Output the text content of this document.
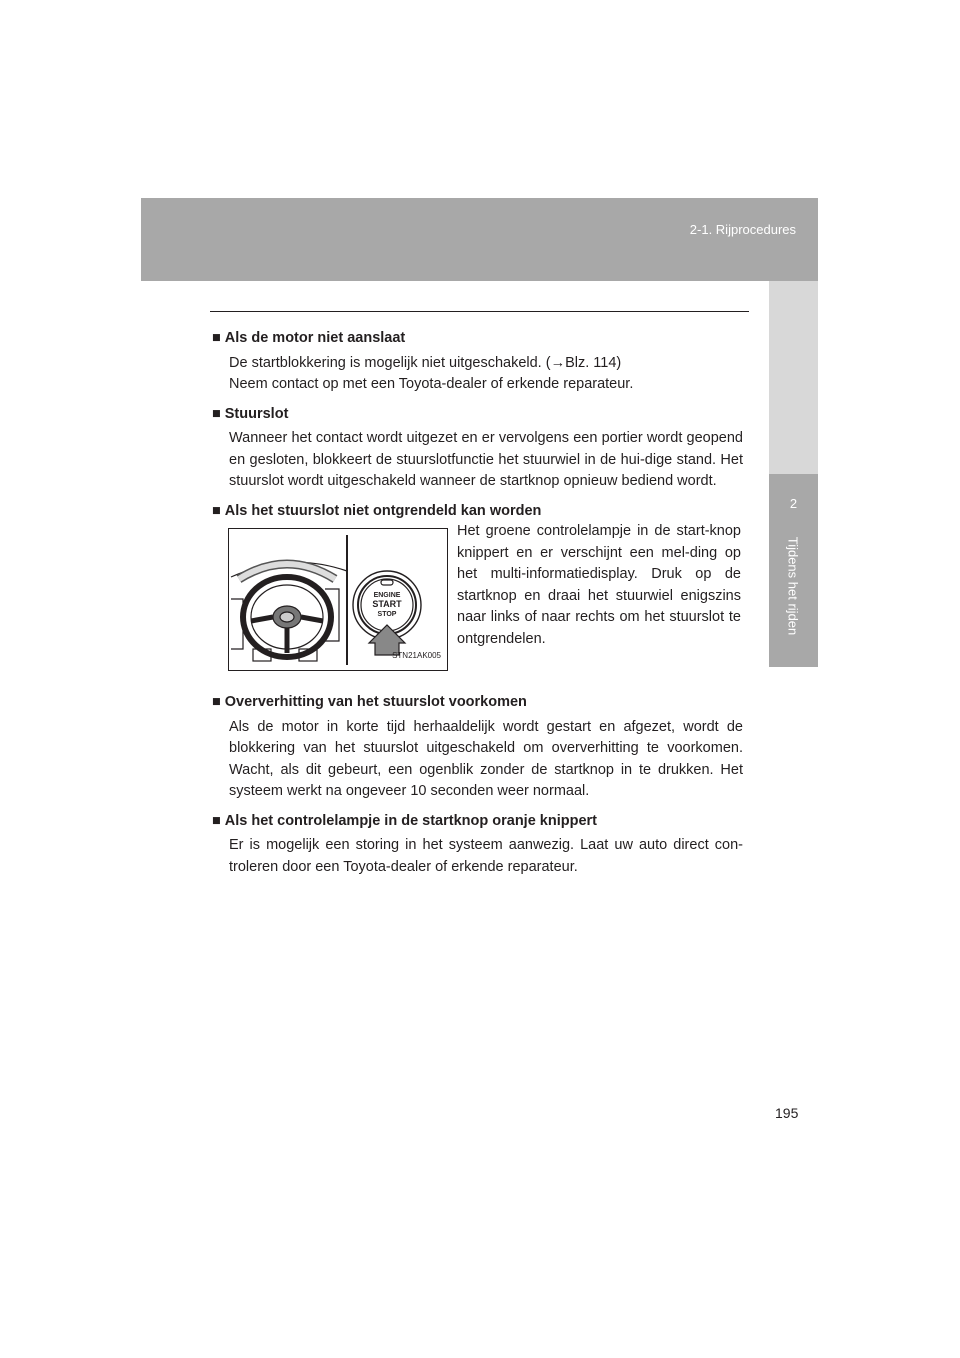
2-1. Rijprocedures
2
Tijdens het rijden
■ Als de motor niet aanslaat
De startblokkering is mogelijk niet uitgeschakeld. (→Blz. 114)
Neem contact op met een Toyota-dealer of erkende reparateur.
■ Stuurslot
Wanneer het contact wordt uitgezet en er vervolgens een portier wordt geopend en gesloten, blokkeert de stuurslotfunctie het stuurwiel in de hui-dige stand. Het stuurslot wordt uitgeschakeld wanneer de startknop opnieuw bediend wordt.
■ Als het stuurslot niet ontgrendeld kan worden
ENGINE
START
STOP
STN21AK005
Het groene controlelampje in de start-knop knippert en er verschijnt een mel-ding op het multi-informatiedisplay. Druk op de startknop en draai het stuurwiel enigszins naar links of naar rechts om het stuurslot te ontgrendelen.
■ Oververhitting van het stuurslot voorkomen
Als de motor in korte tijd herhaaldelijk wordt gestart en afgezet, wordt de blokkering van het stuurslot uitgeschakeld om oververhitting te voorkomen. Wacht, als dit gebeurt, een ogenblik zonder de startknop in te drukken. Het systeem werkt na ongeveer 10 seconden weer normaal.
■ Als het controlelampje in de startknop oranje knippert
Er is mogelijk een storing in het systeem aanwezig. Laat uw auto direct con-troleren door een Toyota-dealer of erkende reparateur.
195
